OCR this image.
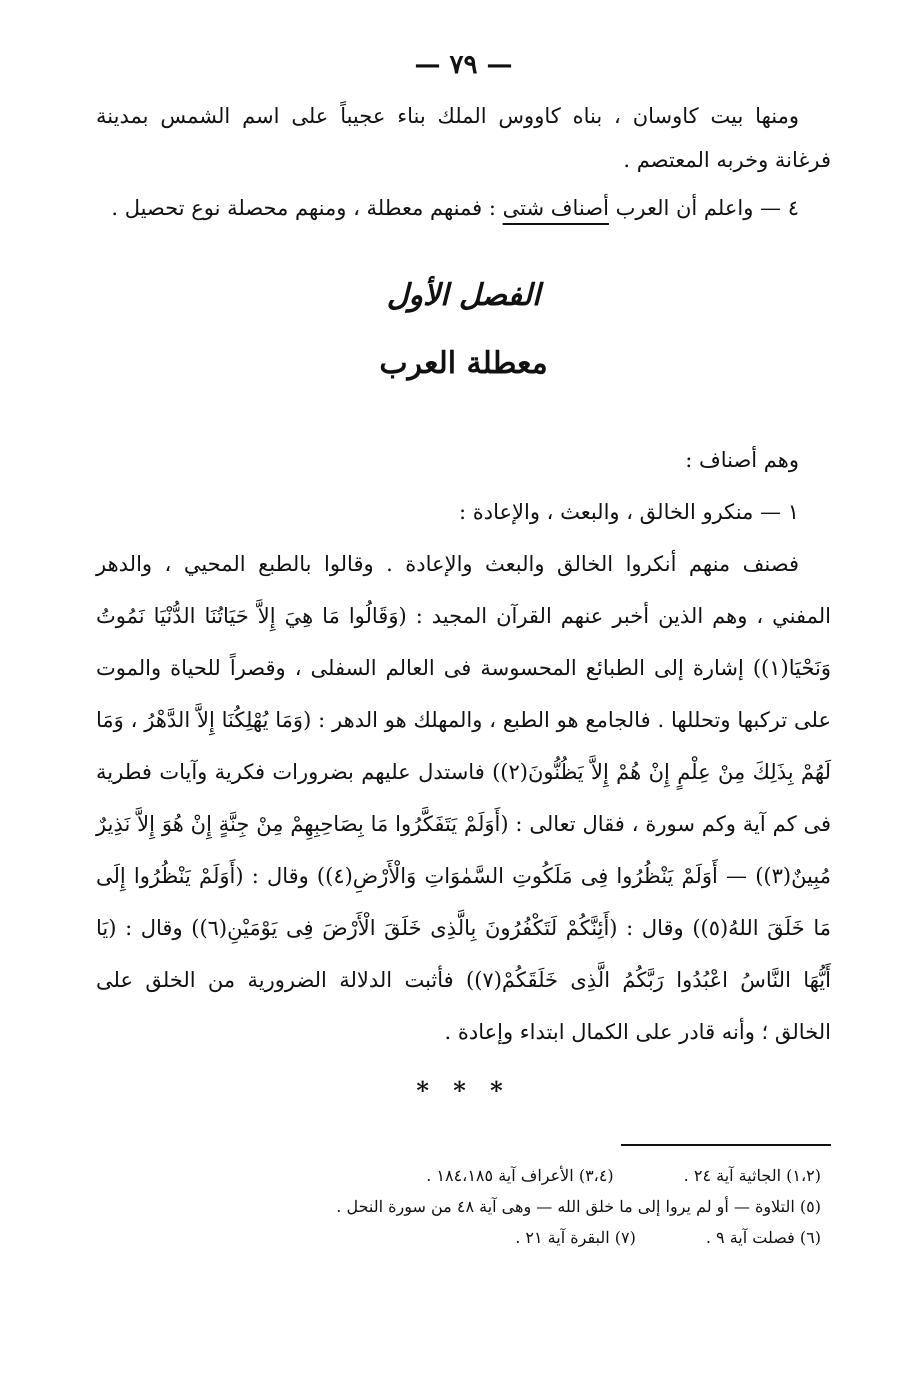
— ٧٩ —

ومنها بيت كاوسان ، بناه كاووس الملك بناء عجيباً على اسم الشمس بمدينة فرغانة وخربه المعتصم .

٤ — واعلم أن العرب أصناف شتى : فمنهم معطلة ، ومنهم محصلة نوع تحصيل .

الفصل الأول
معطلة العرب

وهم أصناف :

١ — منكرو الخالق ، والبعث ، والإعادة :

فصنف منهم أنكروا الخالق والبعث والإعادة . وقالوا بالطبع المحيي ، والدهر المفني ، وهم الذين أخبر عنهم القرآن المجيد : (وَقَالُوا مَا هِيَ إِلاَّ حَيَاتُنَا الدُّنْيَا نَمُوتُ وَنَحْيَا(١)) إشارة إلى الطبائع المحسوسة فى العالم السفلى ، وقصراً للحياة والموت على تركبها وتحللها . فالجامع هو الطبع ، والمهلك هو الدهر : (وَمَا يُهْلِكُنَا إِلاَّ الدَّهْرُ ، وَمَا لَهُمْ بِذَلِكَ مِنْ عِلْمٍ إِنْ هُمْ إِلاَّ يَظُنُّونَ(٢)) فاستدل عليهم بضرورات فكرية وآيات فطرية فى كم آية وكم سورة ، فقال تعالى : (أَوَلَمْ يَتَفَكَّرُوا مَا بِصَاحِبِهِمْ مِنْ جِنَّةٍ إِنْ هُوَ إِلاَّ نَذِيرٌ مُبِينٌ(٣)) — أَوَلَمْ يَنْظُرُوا فِى مَلَكُوتِ السَّمٰوَاتِ وَالْأَرْضِ(٤)) وقال : (أَوَلَمْ يَنْظُرُوا إِلَى مَا خَلَقَ اللهُ(٥)) وقال : (أَئِنَّكُمْ لَتَكْفُرُونَ بِالَّذِى خَلَقَ الْأَرْضَ فِى يَوْمَيْنِ(٦)) وقال : (يَا أَيُّهَا النَّاسُ اعْبُدُوا رَبَّكُمُ الَّذِى خَلَقَكُمْ(٧)) فأثبت الدلالة الضرورية من الخلق على الخالق ؛ وأنه قادر على الكمال ابتداء وإعادة .

* * *
(١،٢) الجاثية آية ٢٤ .
(٣،٤) الأعراف آية ١٨٤،١٨٥ .
(٥) التلاوة — أو لم يروا إلى ما خلق الله — وهى آية ٤٨ من سورة النحل .
(٦) فصلت آية ٩ .
(٧) البقرة آية ٢١ .
